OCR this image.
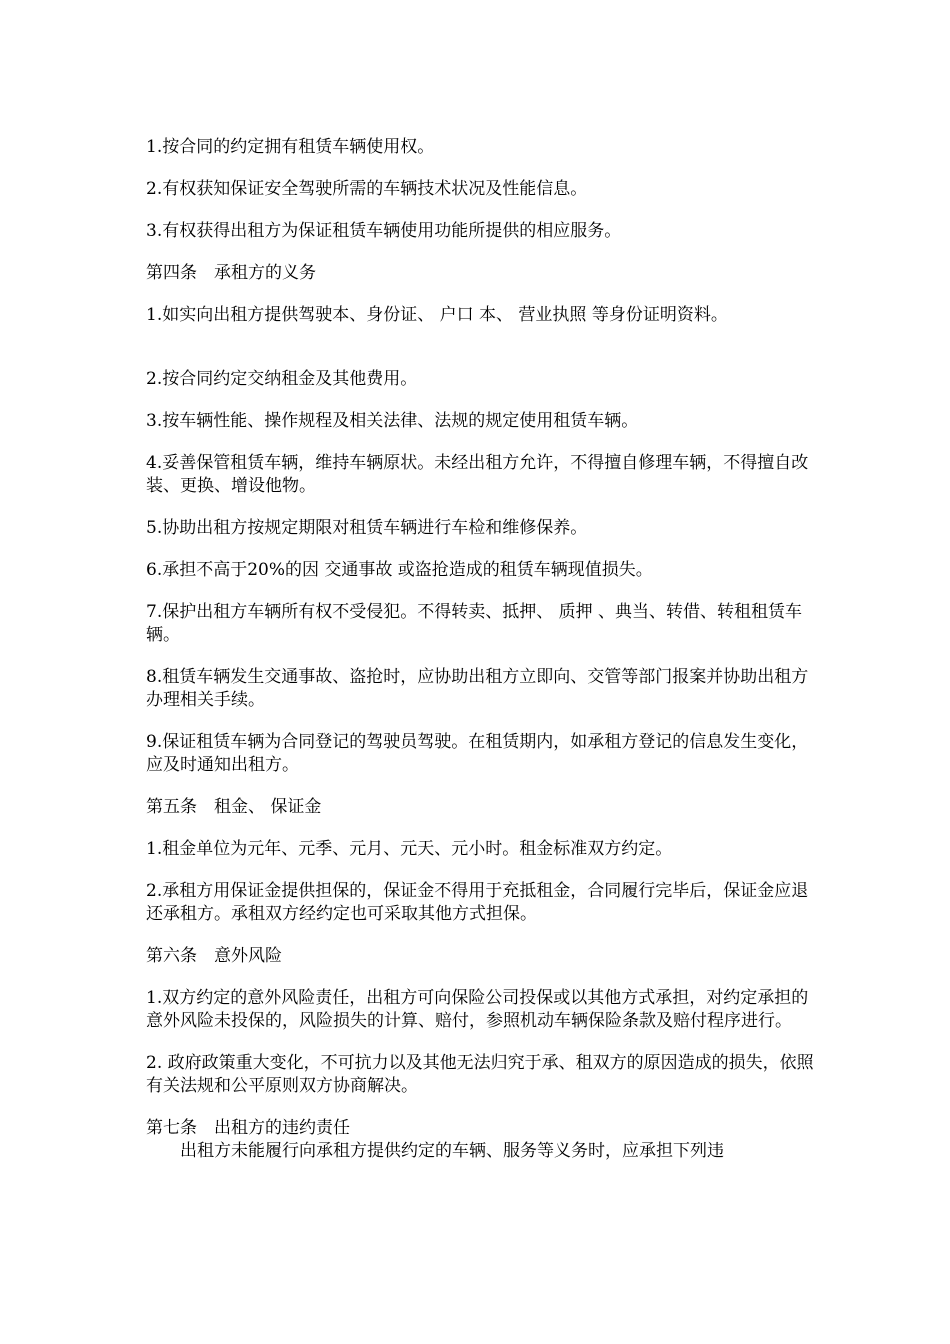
1.按合同的约定拥有租赁车辆使用权。

2.有权获知保证安全驾驶所需的车辆技术状况及性能信息。

3.有权获得出租方为保证租赁车辆使用功能所提供的相应服务。

第四条　承租方的义务

1.如实向出租方提供驾驶本、身份证、 户口 本、 营业执照 等身份证明资料。

2.按合同约定交纳租金及其他费用。

3.按车辆性能、操作规程及相关法律、法规的规定使用租赁车辆。

4.妥善保管租赁车辆，维持车辆原状。未经出租方允许，不得擅自修理车辆，不得擅自改装、更换、增设他物。

5.协助出租方按规定期限对租赁车辆进行车检和维修保养。

6.承担不高于20%的因 交通事故 或盗抢造成的租赁车辆现值损失。

7.保护出租方车辆所有权不受侵犯。不得转卖、抵押、 质押 、典当、转借、转租租赁车辆。

8.租赁车辆发生交通事故、盗抢时，应协助出租方立即向、交管等部门报案并协助出租方办理相关手续。

9.保证租赁车辆为合同登记的驾驶员驾驶。在租赁期内，如承租方登记的信息发生变化，应及时通知出租方。

第五条　租金、 保证金

1.租金单位为元年、元季、元月、元天、元小时。租金标准双方约定。

2.承租方用保证金提供担保的，保证金不得用于充抵租金，合同履行完毕后，保证金应退还承租方。承租双方经约定也可采取其他方式担保。

第六条　意外风险

1.双方约定的意外风险责任，出租方可向保险公司投保或以其他方式承担，对约定承担的意外风险未投保的，风险损失的计算、赔付，参照机动车辆保险条款及赔付程序进行。

2. 政府政策重大变化，不可抗力以及其他无法归究于承、租双方的原因造成的损失，依照有关法规和公平原则双方协商解决。

第七条　出租方的违约责任

出租方未能履行向承租方提供约定的车辆、服务等义务时，应承担下列违
